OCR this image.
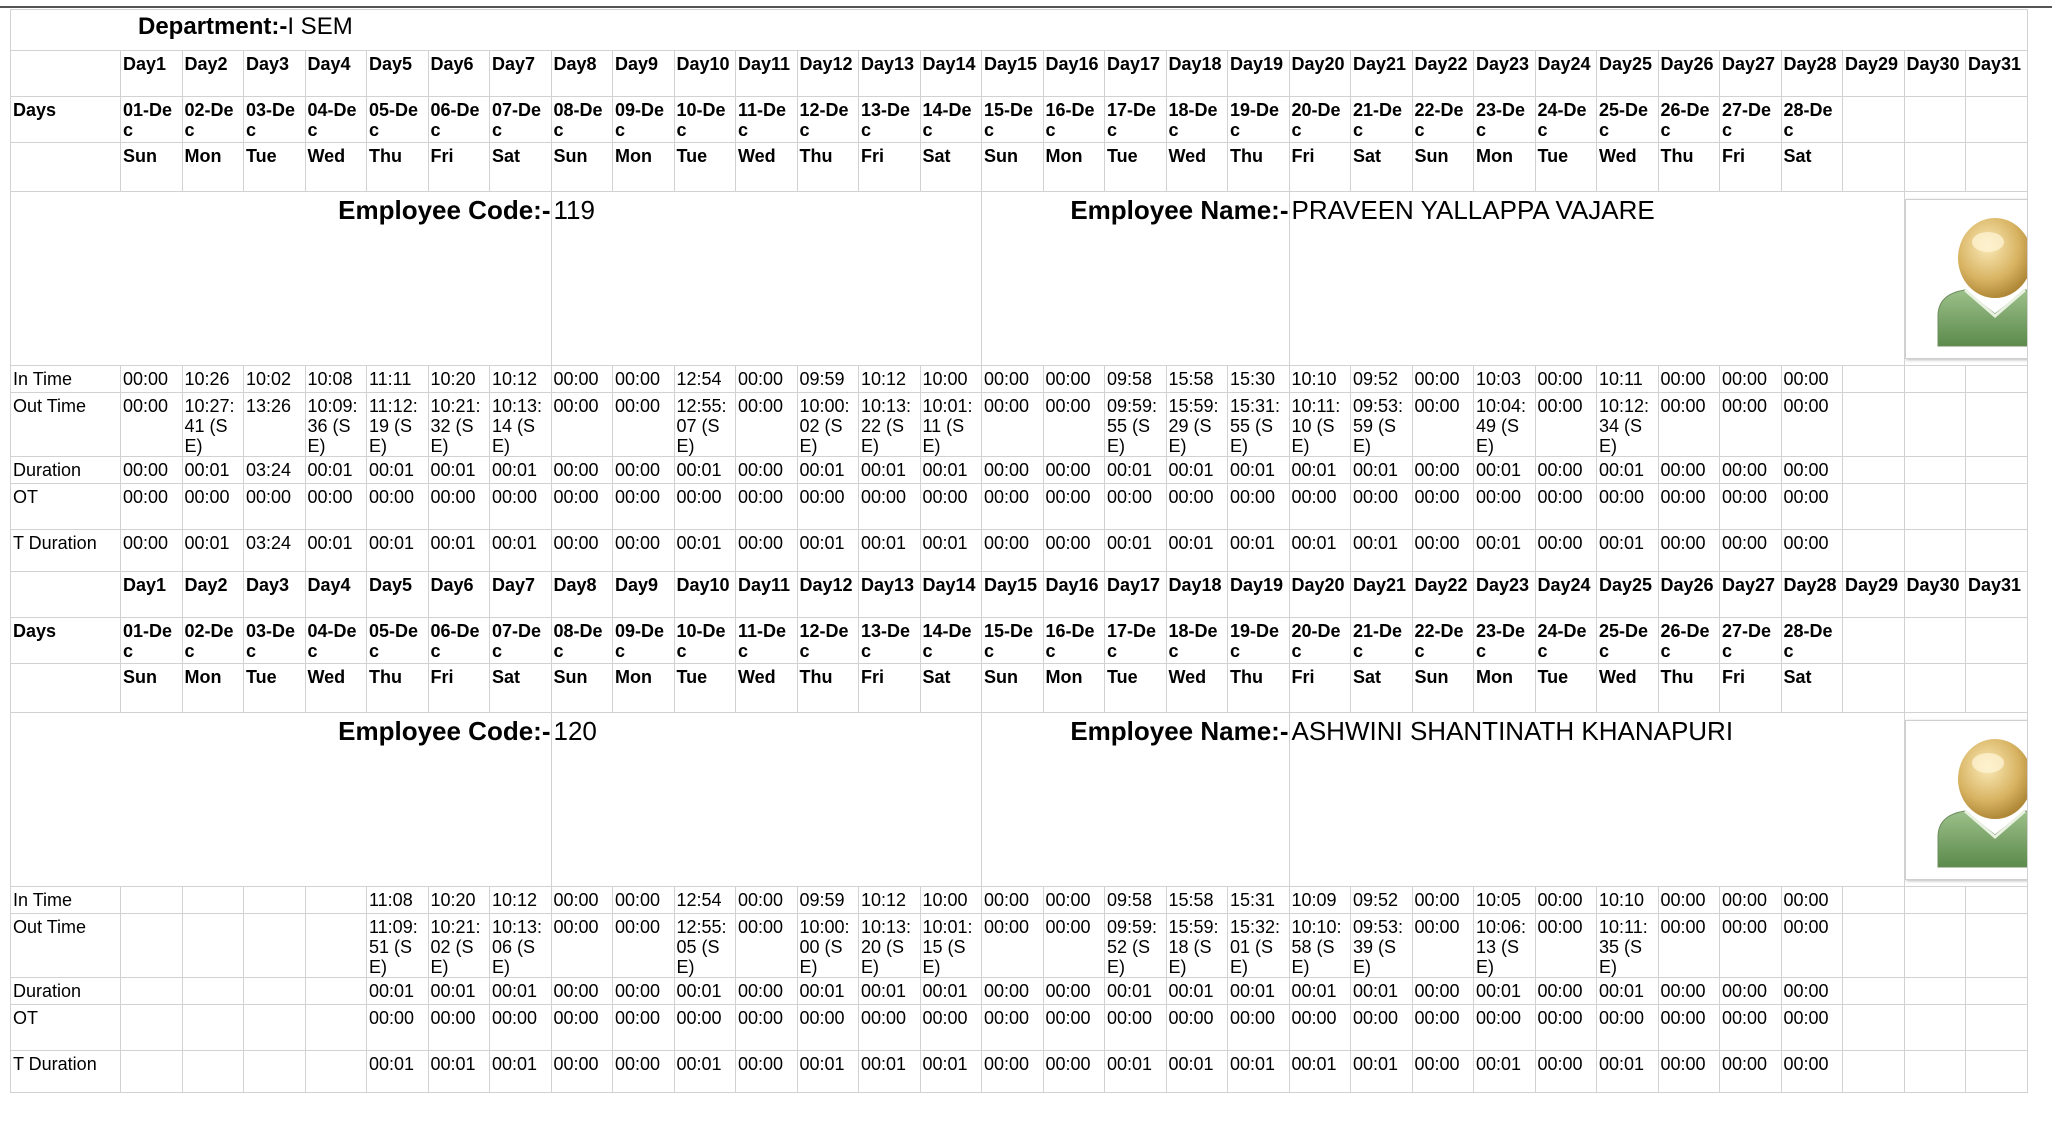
Department:-I SEM																															
	Day1	Day2	Day3	Day4	Day5	Day6	Day7	Day8	Day9	Day10	Day11	Day12	Day13	Day14	Day15	Day16	Day17	Day18	Day19	Day20	Day21	Day22	Day23	Day24	Day25	Day26	Day27	Day28	Day29	Day30	Day31
Days	01-Dec	02-Dec	03-Dec	04-Dec	05-Dec	06-Dec	07-Dec	08-Dec	09-Dec	10-Dec	11-Dec	12-Dec	13-Dec	14-Dec	15-Dec	16-Dec	17-Dec	18-Dec	19-Dec	20-Dec	21-Dec	22-Dec	23-Dec	24-Dec	25-Dec	26-Dec	27-Dec	28-Dec			
	Sun	Mon	Tue	Wed	Thu	Fri	Sat	Sun	Mon	Tue	Wed	Thu	Fri	Sat	Sun	Mon	Tue	Wed	Thu	Fri	Sat	Sun	Mon	Tue	Wed	Thu	Fri	Sat			
Employee Code:-								119							Employee Name:-					PRAVEEN YALLAPPA VAJARE	

In Time	00:00	10:26	10:02	10:08	11:11	10:20	10:12	00:00	00:00	12:54	00:00	09:59	10:12	10:00	00:00	00:00	09:58	15:58	15:30	10:10	09:52	00:00	10:03	00:00	10:11	00:00	00:00	00:00			
Out Time	00:00	10:27:41 (SE)	13:26	10:09:36 (SE)	11:12:19 (SE)	10:21:32 (SE)	10:13:14 (SE)	00:00	00:00	12:55:07 (SE)	00:00	10:00:02 (SE)	10:13:22 (SE)	10:01:11 (SE)	00:00	00:00	09:59:55 (SE)	15:59:29 (SE)	15:31:55 (SE)	10:11:10 (SE)	09:53:59 (SE)	00:00	10:04:49 (SE)	00:00	10:12:34 (SE)	00:00	00:00	00:00			
Duration	00:00	00:01	03:24	00:01	00:01	00:01	00:01	00:00	00:00	00:01	00:00	00:01	00:01	00:01	00:00	00:00	00:01	00:01	00:01	00:01	00:01	00:00	00:01	00:00	00:01	00:00	00:00	00:00			
OT	00:00	00:00	00:00	00:00	00:00	00:00	00:00	00:00	00:00	00:00	00:00	00:00	00:00	00:00	00:00	00:00	00:00	00:00	00:00	00:00	00:00	00:00	00:00	00:00	00:00	00:00	00:00	00:00			
T Duration	00:00	00:01	03:24	00:01	00:01	00:01	00:01	00:00	00:00	00:01	00:00	00:01	00:01	00:01	00:00	00:00	00:01	00:01	00:01	00:01	00:01	00:00	00:01	00:00	00:01	00:00	00:00	00:00			
	Day1	Day2	Day3	Day4	Day5	Day6	Day7	Day8	Day9	Day10	Day11	Day12	Day13	Day14	Day15	Day16	Day17	Day18	Day19	Day20	Day21	Day22	Day23	Day24	Day25	Day26	Day27	Day28	Day29	Day30	Day31
Days	01-Dec	02-Dec	03-Dec	04-Dec	05-Dec	06-Dec	07-Dec	08-Dec	09-Dec	10-Dec	11-Dec	12-Dec	13-Dec	14-Dec	15-Dec	16-Dec	17-Dec	18-Dec	19-Dec	20-Dec	21-Dec	22-Dec	23-Dec	24-Dec	25-Dec	26-Dec	27-Dec	28-Dec			
	Sun	Mon	Tue	Wed	Thu	Fri	Sat	Sun	Mon	Tue	Wed	Thu	Fri	Sat	Sun	Mon	Tue	Wed	Thu	Fri	Sat	Sun	Mon	Tue	Wed	Thu	Fri	Sat			
Employee Code:-								120							Employee Name:-					ASHWINI SHANTINATH KHANAPURI	

In Time					11:08	10:20	10:12	00:00	00:00	12:54	00:00	09:59	10:12	10:00	00:00	00:00	09:58	15:58	15:31	10:09	09:52	00:00	10:05	00:00	10:10	00:00	00:00	00:00			
Out Time					11:09:51 (SE)	10:21:02 (SE)	10:13:06 (SE)	00:00	00:00	12:55:05 (SE)	00:00	10:00:00 (SE)	10:13:20 (SE)	10:01:15 (SE)	00:00	00:00	09:59:52 (SE)	15:59:18 (SE)	15:32:01 (SE)	10:10:58 (SE)	09:53:39 (SE)	00:00	10:06:13 (SE)	00:00	10:11:35 (SE)	00:00	00:00	00:00			
Duration					00:01	00:01	00:01	00:00	00:00	00:01	00:00	00:01	00:01	00:01	00:00	00:00	00:01	00:01	00:01	00:01	00:01	00:00	00:01	00:00	00:01	00:00	00:00	00:00			
OT					00:00	00:00	00:00	00:00	00:00	00:00	00:00	00:00	00:00	00:00	00:00	00:00	00:00	00:00	00:00	00:00	00:00	00:00	00:00	00:00	00:00	00:00	00:00	00:00			
T Duration					00:01	00:01	00:01	00:00	00:00	00:01	00:00	00:01	00:01	00:01	00:00	00:00	00:01	00:01	00:01	00:01	00:01	00:00	00:01	00:00	00:01	00:00	00:00	00:00			
